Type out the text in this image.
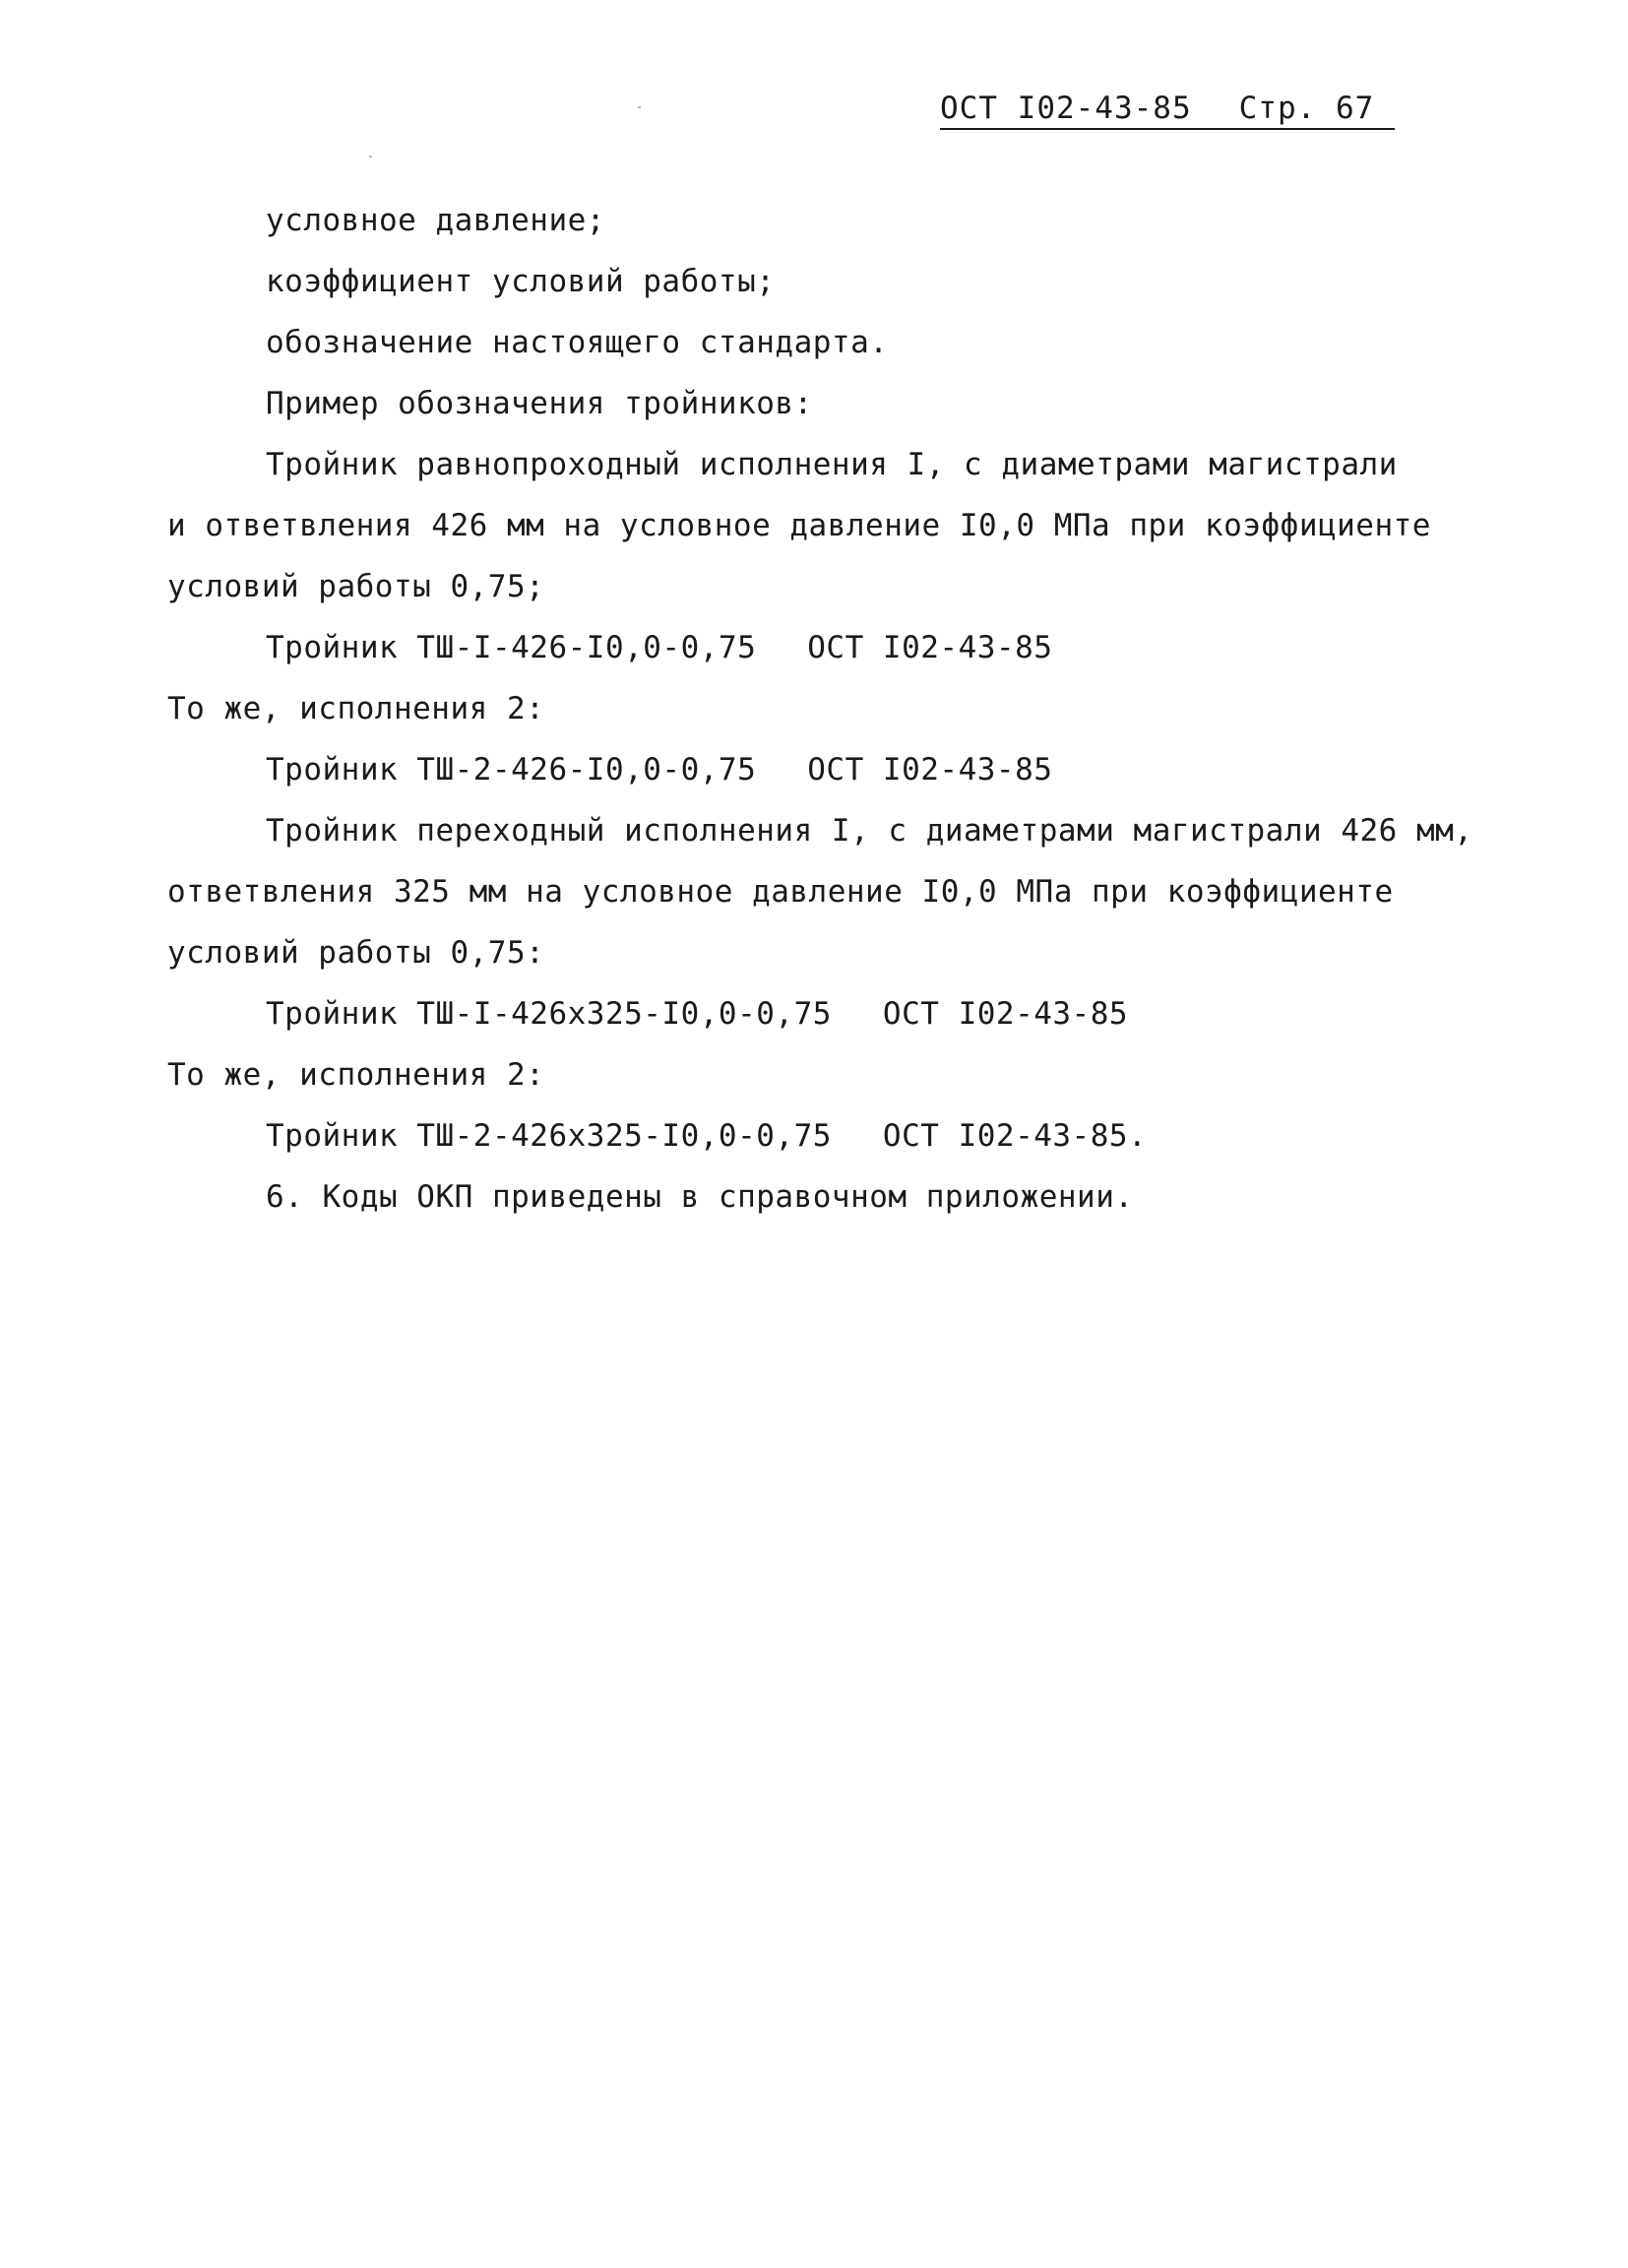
ОСТ I02-43-85 Стр. 67
условное давление;
коэффициент условий работы;
обозначение настоящего стандарта.
Пример обозначения тройников:
Тройник равнопроходный исполнения I, с диаметрами магистрали
и ответвления 426 мм на условное давление I0,0 МПа при коэффициенте
условий работы 0,75;
Тройник ТШ-I-426-I0,0-0,75 ОСТ I02-43-85
То же, исполнения 2:
Тройник ТШ-2-426-I0,0-0,75 ОСТ I02-43-85
Тройник переходный исполнения I, с диаметрами магистрали 426 мм,
ответвления 325 мм на условное давление I0,0 МПа при коэффициенте
условий работы 0,75:
Тройник ТШ-I-426х325-I0,0-0,75 ОСТ I02-43-85
То же, исполнения 2:
Тройник ТШ-2-426х325-I0,0-0,75 ОСТ I02-43-85.
6. Коды ОКП приведены в справочном приложении.
